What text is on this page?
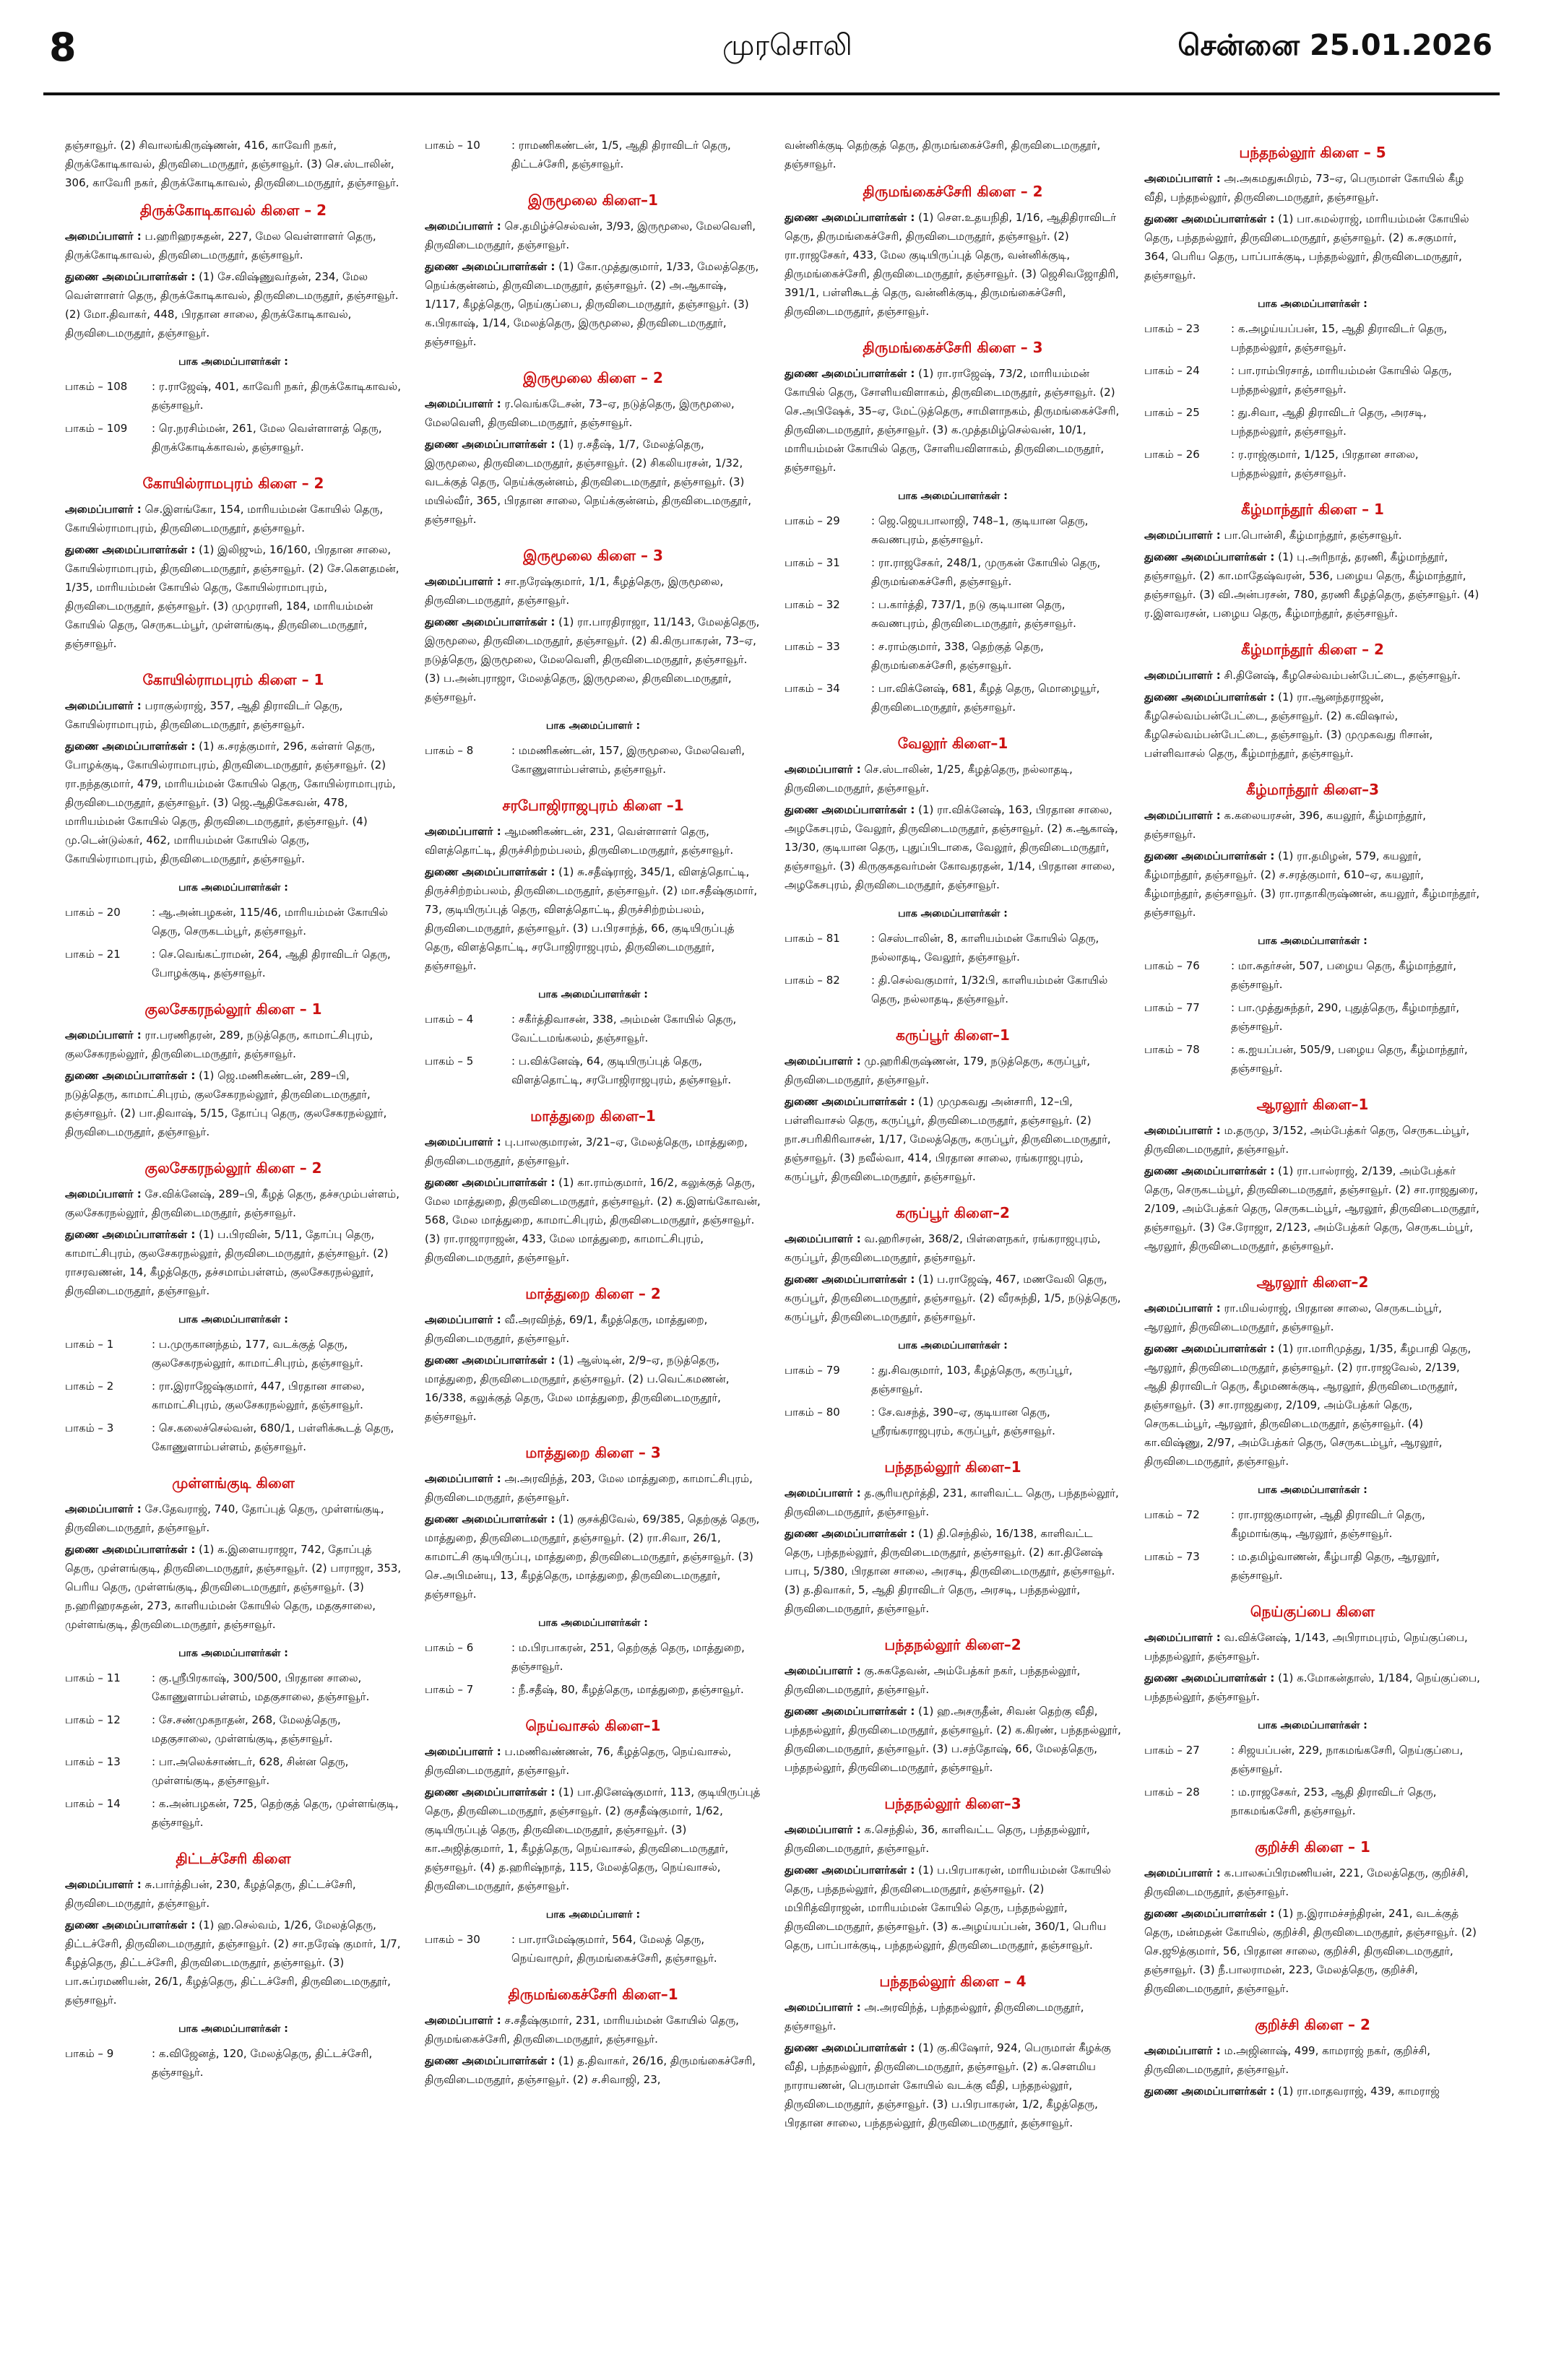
8	முரசொலி	சென்னை 25.01.2026

தஞ்சாவூர். (2) சிவாலங்கிருஷ்ணன், 416, காவேரி நகர், திருக்கோடிகாவல், திருவிடைமருதூர், தஞ்சாவூர். (3) செ.ஸ்டாலின், 306, காவேரி நகர், திருக்கோடிகாவல், திருவிடைமருதூர், தஞ்சாவூர்.

திருக்கோடிகாவல் கிளை – 2

அமைப்பாளர் : ப.ஹரிஹரசுதன், 227, மேல வெள்ளாளர் தெரு, திருக்கோடிகாவல், திருவிடைமருதூர், தஞ்சாவூர்.

துணை அமைப்பாளர்கள் : (1) சே.விஷ்ணுவர்தன், 234, மேல வெள்ளாளர் தெரு, திருக்கோடிகாவல், திருவிடைமருதூர், தஞ்சாவூர். (2) மோ.திவாகர், 448, பிரதான சாலை, திருக்கோடிகாவல், திருவிடைமருதூர், தஞ்சாவூர்.

பாக அமைப்பாளர்கள் :
பாகம் – 108	: ர.ராஜேஷ், 401, காவேரி நகர், திருக்கோடிகாவல், தஞ்சாவூர்.
பாகம் – 109	: ரெ.நரசிம்மன், 261, மேல வெள்ளாளத் தெரு, திருக்கோடிக்காவல், தஞ்சாவூர்.
கோயில்ராமபுரம் கிளை – 2

அமைப்பாளர் : செ.இளங்கோ, 154, மாரியம்மன் கோயில் தெரு, கோயில்ராமாபுரம், திருவிடைமருதூர், தஞ்சாவூர்.

துணை அமைப்பாளர்கள் : (1) இலிஜும், 16/160, பிரதான சாலை, கோயில்ராமாபுரம், திருவிடைமருதூர், தஞ்சாவூர். (2) சே.கௌதமன், 1/35, மாரியம்மன் கோயில் தெரு, கோயில்ராமாபுரம், திருவிடைமருதூர், தஞ்சாவூர். (3) முமுராளி, 184, மாரியம்மன் கோயில் தெரு, செருகடம்பூர், முள்ளங்குடி, திருவிடைமருதூர், தஞ்சாவூர்.

கோயில்ராமபுரம் கிளை – 1

அமைப்பாளர் : பராகுல்ராஜ், 357, ஆதி திராவிடர் தெரு, கோயில்ராமாபுரம், திருவிடைமருதூர், தஞ்சாவூர்.

துணை அமைப்பாளர்கள் : (1) க.சரத்குமார், 296, கள்ளர் தெரு, போழக்குடி, கோயில்ராமாபுரம், திருவிடைமருதூர், தஞ்சாவூர். (2) ரா.நந்தகுமார், 479, மாரியம்மன் கோயில் தெரு, கோயில்ராமாபுரம், திருவிடைமருதூர், தஞ்சாவூர். (3) ஜெ.ஆதிகேசவன், 478, மாரியம்மன் கோயில் தெரு, திருவிடைமருதூர், தஞ்சாவூர். (4) மு.டென்டுல்கர், 462, மாரியம்மன் கோயில் தெரு, கோயில்ராமாபுரம், திருவிடைமருதூர், தஞ்சாவூர்.

பாக அமைப்பாளர்கள் :
பாகம் – 20	: ஆ.அன்பழகன், 115/46, மாரியம்மன் கோயில் தெரு, செருகடம்பூர், தஞ்சாவூர்.
பாகம் – 21	: செ.வெங்கட்ராமன், 264, ஆதி திராவிடர் தெரு, போழக்குடி, தஞ்சாவூர்.
குலசேகரநல்லூர் கிளை – 1

அமைப்பாளர் : ரா.பரணிதரன், 289, நடுத்தெரு, காமாட்சிபுரம், குலசேகரநல்லூர், திருவிடைமருதூர், தஞ்சாவூர்.

துணை அமைப்பாளர்கள் : (1) ஜெ.மணிகண்டன், 289–பி, நடுத்தெரு, காமாட்சிபுரம், குலசேகரநல்லூர், திருவிடைமருதூர், தஞ்சாவூர். (2) பா.திவாஷ், 5/15, தோப்பு தெரு, குலசேகரநல்லூர், திருவிடைமருதூர், தஞ்சாவூர்.

குலசேகரநல்லூர் கிளை – 2

அமைப்பாளர் : சே.விக்னேஷ், 289–பி, கீழத் தெரு, தச்சமும்பள்ளம், குலசேகரநல்லூர், திருவிடைமருதூர், தஞ்சாவூர்.

துணை அமைப்பாளர்கள் : (1) ப.பிரவின், 5/11, தோப்பு தெரு, காமாட்சிபுரம், குலசேகரநல்லூர், திருவிடைமருதூர், தஞ்சாவூர். (2) ராசரவணன், 14, கீழத்தெரு, தச்சமாம்பள்ளம், குலசேகரநல்லூர், திருவிடைமருதூர், தஞ்சாவூர்.

பாக அமைப்பாளர்கள் :
பாகம் – 1	: ப.முருகானந்தம், 177, வடக்குத் தெரு, குலசேகரநல்லூர், காமாட்சிபுரம், தஞ்சாவூர்.
பாகம் – 2	: ரா.இராஜேஷ்குமார், 447, பிரதான சாலை, காமாட்சிபுரம், குலசேகரநல்லூர், தஞ்சாவூர்.
பாகம் – 3	: செ.கலைச்செல்வன், 680/1, பள்ளிக்கூடத் தெரு, கோணுளாம்பள்ளம், தஞ்சாவூர்.
முள்ளங்குடி கிளை

அமைப்பாளர் : சே.தேவராஜ், 740, தோப்புத் தெரு, முள்ளங்குடி, திருவிடைமருதூர், தஞ்சாவூர்.

துணை அமைப்பாளர்கள் : (1) க.இளையராஜா, 742, தோப்புத் தெரு, முள்ளங்குடி, திருவிடைமருதூர், தஞ்சாவூர். (2) பாராஜா, 353, பெரிய தெரு, முள்ளங்குடி, திருவிடைமருதூர், தஞ்சாவூர். (3) ந.ஹரிஹரசுதன், 273, காளியம்மன் கோயில் தெரு, மதகுசாலை, முள்ளங்குடி, திருவிடைமருதூர், தஞ்சாவூர்.

பாக அமைப்பாளர்கள் :
பாகம் – 11	: கு.ஸ்ரீபிரகாஷ், 300/500, பிரதான சாலை, கோணுளாம்பள்ளம், மதகுசாலை, தஞ்சாவூர்.
பாகம் – 12	: சே.சண்முகநாதன், 268, மேலத்தெரு, மதகுசாலை, முள்ளங்குடி, தஞ்சாவூர்.
பாகம் – 13	: பா.அலெக்சாண்டர், 628, சின்ன தெரு, முள்ளங்குடி, தஞ்சாவூர்.
பாகம் – 14	: க.அன்பழகன், 725, தெற்குத் தெரு, முள்ளங்குடி, தஞ்சாவூர்.
திட்டச்சேரி கிளை

அமைப்பாளர் : சு.பார்த்திபன், 230, கீழத்தெரு, திட்டச்சேரி, திருவிடைமருதூர், தஞ்சாவூர்.

துணை அமைப்பாளர்கள் : (1) ஹ.செல்வம், 1/26, மேலத்தெரு, திட்டச்சேரி, திருவிடைமருதூர், தஞ்சாவூர். (2) சா.நரேஷ் குமார், 1/7, கீழத்தெரு, திட்டச்சேரி, திருவிடைமருதூர், தஞ்சாவூர். (3) பா.சுப்ரமணியன், 26/1, கீழத்தெரு, திட்டச்சேரி, திருவிடைமருதூர், தஞ்சாவூர்.

பாக அமைப்பாளர்கள் :
பாகம் – 9	: க.விஜேனத், 120, மேலத்தெரு, திட்டச்சேரி, தஞ்சாவூர்.
பாகம் – 10	: ராமணிகண்டன், 1/5, ஆதி திராவிடர் தெரு, திட்டச்சேரி, தஞ்சாவூர்.
இருமூலை கிளை–1

அமைப்பாளர் : செ.தமிழ்ச்செல்வன், 3/93, இருமூலை, மேலவெளி, திருவிடைமருதூர், தஞ்சாவூர்.

துணை அமைப்பாளர்கள் : (1) கோ.முத்துகுமார், 1/33, மேலத்தெரு, நெய்க்குன்னம், திருவிடைமருதூர், தஞ்சாவூர். (2) அ.ஆகாஷ், 1/117, கீழத்தெரு, நெய்குப்பை, திருவிடைமருதூர், தஞ்சாவூர். (3) க.பிரகாஷ், 1/14, மேலத்தெரு, இருமூலை, திருவிடைமருதூர், தஞ்சாவூர்.

இருமூலை கிளை – 2

அமைப்பாளர் : ர.வெங்கடேசன், 73–ஏ, நடுத்தெரு, இருமூலை, மேலவெளி, திருவிடைமருதூர், தஞ்சாவூர்.

துணை அமைப்பாளர்கள் : (1) ர.சதீஷ், 1/7, மேலத்தெரு, இருமூலை, திருவிடைமருதூர், தஞ்சாவூர். (2) சிகலியரசன், 1/32, வடக்குத் தெரு, நெய்க்குன்னம், திருவிடைமருதூர், தஞ்சாவூர். (3) மயில்வீர், 365, பிரதான சாலை, நெய்க்குன்னம், திருவிடைமருதூர், தஞ்சாவூர்.

இருமூலை கிளை – 3

அமைப்பாளர் : சா.நரேஷ்குமார், 1/1, கீழத்தெரு, இருமூலை, திருவிடைமருதூர், தஞ்சாவூர்.

துணை அமைப்பாளர்கள் : (1) ரா.பாரதிராஜா, 11/143, மேலத்தெரு, இருமூலை, திருவிடைமருதூர், தஞ்சாவூர். (2) கி.கிருபாகரன், 73–ஏ, நடுத்தெரு, இருமூலை, மேலவெளி, திருவிடைமருதூர், தஞ்சாவூர். (3) ப.அன்புராஜா, மேலத்தெரு, இருமூலை, திருவிடைமருதூர், தஞ்சாவூர்.

பாக அமைப்பாளர் :
பாகம் – 8	: மமணிகண்டன், 157, இருமூலை, மேலவெளி, கோணுளாம்பள்ளம், தஞ்சாவூர்.
சரபோஜிராஜபுரம் கிளை –1

அமைப்பாளர் : ஆமணிகண்டன், 231, வெள்ளாளர் தெரு, விளத்தொட்டி, திருச்சிற்றம்பலம், திருவிடைமருதூர், தஞ்சாவூர்.

துணை அமைப்பாளர்கள் : (1) சு.சதீஷ்ராஜ், 345/1, விளத்தொட்டி, திருச்சிற்றம்பலம், திருவிடைமருதூர், தஞ்சாவூர். (2) மா.சதீஷ்குமார், 73, குடியிருப்புத் தெரு, விளத்தொட்டி, திருச்சிற்றம்பலம், திருவிடைமருதூர், தஞ்சாவூர். (3) ப.பிரசாந்த், 66, குடியிருப்புத் தெரு, விளத்தொட்டி, சரபோஜிராஜபுரம், திருவிடைமருதூர், தஞ்சாவூர்.

பாக அமைப்பாளர்கள் :
பாகம் – 4	: சகீர்த்திவாசன், 338, அம்மன் கோயில் தெரு, வேட்டமங்கலம், தஞ்சாவூர்.
பாகம் – 5	: ப.விக்னேஷ், 64, குடியிருப்புத் தெரு, விளத்தொட்டி, சரபோஜிராஜபுரம், தஞ்சாவூர்.
மாத்துறை கிளை–1

அமைப்பாளர் : பு.பாலகுமாரன், 3/21–ஏ, மேலத்தெரு, மாத்துறை, திருவிடைமருதூர், தஞ்சாவூர்.

துணை அமைப்பாளர்கள் : (1) கா.ராம்குமார், 16/2, கலுக்குத் தெரு, மேல மாத்துறை, திருவிடைமருதூர், தஞ்சாவூர். (2) க.இளங்கோவன், 568, மேல மாத்துறை, காமாட்சிபுரம், திருவிடைமருதூர், தஞ்சாவூர். (3) ரா.ராஜாராஜன், 433, மேல மாத்துறை, காமாட்சிபுரம், திருவிடைமருதூர், தஞ்சாவூர்.

மாத்துறை கிளை – 2

அமைப்பாளர் : வீ.அரவிந்த், 69/1, கீழத்தெரு, மாத்துறை, திருவிடைமருதூர், தஞ்சாவூர்.

துணை அமைப்பாளர்கள் : (1) ஆஸ்டின், 2/9–ஏ, நடுத்தெரு, மாத்துறை, திருவிடைமருதூர், தஞ்சாவூர். (2) ப.வெட்கமணன், 16/338, கலுக்குத் தெரு, மேல மாத்துறை, திருவிடைமருதூர், தஞ்சாவூர்.

மாத்துறை கிளை – 3

அமைப்பாளர் : அ.அரவிந்த், 203, மேல மாத்துறை, காமாட்சிபுரம், திருவிடைமருதூர், தஞ்சாவூர்.

துணை அமைப்பாளர்கள் : (1) குசக்திவேல், 69/385, தெற்குத் தெரு, மாத்துறை, திருவிடைமருதூர், தஞ்சாவூர். (2) ரா.சிவா, 26/1, காமாட்சி குடியிருப்பு, மாத்துறை, திருவிடைமருதூர், தஞ்சாவூர். (3) செ.அபிமன்யு, 13, கீழத்தெரு, மாத்துறை, திருவிடைமருதூர், தஞ்சாவூர்.

பாக அமைப்பாளர்கள் :
பாகம் – 6	: ம.பிரபாகரன், 251, தெற்குத் தெரு, மாத்துறை, தஞ்சாவூர்.
பாகம் – 7	: நீ.சதீஷ், 80, கீழத்தெரு, மாத்துறை, தஞ்சாவூர்.
நெய்வாசல் கிளை–1

அமைப்பாளர் : ப.மணிவண்ணன், 76, கீழத்தெரு, நெய்வாசல், திருவிடைமருதூர், தஞ்சாவூர்.

துணை அமைப்பாளர்கள் : (1) பா.தினேஷ்குமார், 113, குடியிருப்புத் தெரு, திருவிடைமருதூர், தஞ்சாவூர். (2) குசதீஷ்குமார், 1/62, குடியிருப்புத் தெரு, திருவிடைமருதூர், தஞ்சாவூர். (3) கா.அஜித்குமார், 1, கீழத்தெரு, நெய்வாசல், திருவிடைமருதூர், தஞ்சாவூர். (4) த.ஹரிஷ்நாத், 115, மேலத்தெரு, நெய்வாசல், திருவிடைமருதூர், தஞ்சாவூர்.

பாக அமைப்பாளர் :
பாகம் – 30	: பா.ராமேஷ்குமார், 564, மேலத் தெரு, நெய்வாமூர், திருமங்கைச்சேரி, தஞ்சாவூர்.
திருமங்கைச்சேரி கிளை–1

அமைப்பாளர் : ச.சதீஷ்குமார், 231, மாரியம்மன் கோயில் தெரு, திருமங்கைச்சேரி, திருவிடைமருதூர், தஞ்சாவூர்.

துணை அமைப்பாளர்கள் : (1) த.திவாகர், 26/16, திருமங்கைச்சேரி, திருவிடைமருதூர், தஞ்சாவூர். (2) ச.சிவாஜி, 23,

வன்னிக்குடி தெற்குத் தெரு, திருமங்கைச்சேரி, திருவிடைமருதூர், தஞ்சாவூர்.

திருமங்கைச்சேரி கிளை – 2

துணை அமைப்பாளர்கள் : (1) சௌ.உதயநிதி, 1/16, ஆதிதிராவிடர் தெரு, திருமங்கைச்சேரி, திருவிடைமருதூர், தஞ்சாவூர். (2) ரா.ராஜசேகர், 433, மேல குடியிருப்புத் தெரு, வன்னிக்குடி, திருமங்கைச்சேரி, திருவிடைமருதூர், தஞ்சாவூர். (3) ஜெசிவஜோதிரி, 391/1, பள்ளிகூடத் தெரு, வன்னிக்குடி, திருமங்கைச்சேரி, திருவிடைமருதூர், தஞ்சாவூர்.

திருமங்கைச்சேரி கிளை – 3

துணை அமைப்பாளர்கள் : (1) ரா.ராஜேஷ், 73/2, மாரியம்மன் கோயில் தெரு, சோளியவிளாகம், திருவிடைமருதூர், தஞ்சாவூர். (2) செ.அபிஷேக், 35–ஏ, மேட்டுத்தெரு, சாமிளாநகம், திருமங்கைச்சேரி, திருவிடைமருதூர், தஞ்சாவூர். (3) க.முத்தமிழ்செல்வன், 10/1, மாரியம்மன் கோயில் தெரு, சோளியவிளாகம், திருவிடைமருதூர், தஞ்சாவூர்.

பாக அமைப்பாளர்கள் :
பாகம் – 29	: ஜெ.ஜெயபாலாஜி, 748–1, குடியான தெரு, சுவணபுரம், தஞ்சாவூர்.
பாகம் – 31	: ரா.ராஜசேகர், 248/1, முருகன் கோயில் தெரு, திருமங்கைச்சேரி, தஞ்சாவூர்.
பாகம் – 32	: ப.கார்த்தி, 737/1, நடு குடியான தெரு, சுவணபுரம், திருவிடைமருதூர், தஞ்சாவூர்.
பாகம் – 33	: ச.ராம்குமார், 338, தெற்குத் தெரு, திருமங்கைச்சேரி, தஞ்சாவூர்.
பாகம் – 34	: பா.விக்னேஷ், 681, கீழத் தெரு, மொழையூர், திருவிடைமருதூர், தஞ்சாவூர்.
வேலூர் கிளை–1

அமைப்பாளர் : செ.ஸ்டாலின், 1/25, கீழத்தெரு, நல்லாதடி, திருவிடைமருதூர், தஞ்சாவூர்.

துணை அமைப்பாளர்கள் : (1) ரா.விக்னேஷ், 163, பிரதான சாலை, அழகேசபுரம், வேலூர், திருவிடைமருதூர், தஞ்சாவூர். (2) க.ஆகாஷ், 13/30, குடியான தெரு, புதுப்பிடாகை, வேலூர், திருவிடைமருதூர், தஞ்சாவூர். (3) கிருகுகதவர்மன் கோவதரதன், 1/14, பிரதான சாலை, அழகேசபுரம், திருவிடைமருதூர், தஞ்சாவூர்.

பாக அமைப்பாளர்கள் :
பாகம் – 81	: செஸ்டாலின், 8, காளியம்மன் கோயில் தெரு, நல்லாதடி, வேலூர், தஞ்சாவூர்.
பாகம் – 82	: தி.செல்வகுமார், 1/32பி, காளியம்மன் கோயில் தெரு, நல்லாதடி, தஞ்சாவூர்.
கருப்பூர் கிளை–1

அமைப்பாளர் : மு.ஹரிகிருஷ்ணன், 179, நடுத்தெரு, கருப்பூர், திருவிடைமருதூர், தஞ்சாவூர்.

துணை அமைப்பாளர்கள் : (1) முமுகவது அன்சாரி, 12–பி, பள்ளிவாசல் தெரு, கருப்பூர், திருவிடைமருதூர், தஞ்சாவூர். (2) நா.சபரிகிரிவாசன், 1/17, மேலத்தெரு, கருப்பூர், திருவிடைமருதூர், தஞ்சாவூர். (3) நவீல்வா, 414, பிரதான சாலை, ரங்கராஜபுரம், கருப்பூர், திருவிடைமருதூர், தஞ்சாவூர்.

கருப்பூர் கிளை–2

அமைப்பாளர் : வ.ஹரிசரன், 368/2, பிள்ளைநகர், ரங்கராஜபுரம், கருப்பூர், திருவிடைமருதூர், தஞ்சாவூர்.

துணை அமைப்பாளர்கள் : (1) ப.ராஜேஷ், 467, மணவேலி தெரு, கருப்பூர், திருவிடைமருதூர், தஞ்சாவூர். (2) வீரசுந்தி, 1/5, நடுத்தெரு, கருப்பூர், திருவிடைமருதூர், தஞ்சாவூர்.

பாக அமைப்பாளர்கள் :
பாகம் – 79	: து.சிவகுமார், 103, கீழத்தெரு, கருப்பூர், தஞ்சாவூர்.
பாகம் – 80	: சே.வசந்த், 390–ஏ, குடியான தெரு, ஸ்ரீரங்கராஜபுரம், கருப்பூர், தஞ்சாவூர்.
பந்தநல்லூர் கிளை–1

அமைப்பாளர் : த.சூரியமூர்த்தி, 231, காளிவட்ட தெரு, பந்தநல்லூர், திருவிடைமருதூர், தஞ்சாவூர்.

துணை அமைப்பாளர்கள் : (1) தி.செந்தில், 16/138, காளிவட்ட தெரு, பந்தநல்லூர், திருவிடைமருதூர், தஞ்சாவூர். (2) கா.தினேஷ் பாபு, 5/380, பிரதான சாலை, அரசடி, திருவிடைமருதூர், தஞ்சாவூர். (3) த.திவாகர், 5, ஆதி திராவிடர் தெரு, அரசடி, பந்தநல்லூர், திருவிடைமருதூர், தஞ்சாவூர்.

பந்தநல்லூர் கிளை–2

அமைப்பாளர் : கு.சுகதேவன், அம்பேத்கர் நகர், பந்தநல்லூர், திருவிடைமருதூர், தஞ்சாவூர்.

துணை அமைப்பாளர்கள் : (1) ஹ.அசருதீன், சிவன் தெற்கு வீதி, பந்தநல்லூர், திருவிடைமருதூர், தஞ்சாவூர். (2) க.கிரண், பந்தநல்லூர், திருவிடைமருதூர், தஞ்சாவூர். (3) ப.சந்தோஷ், 66, மேலத்தெரு, பந்தநல்லூர், திருவிடைமருதூர், தஞ்சாவூர்.

பந்தநல்லூர் கிளை–3

அமைப்பாளர் : க.செந்தில், 36, காளிவட்ட தெரு, பந்தநல்லூர், திருவிடைமருதூர், தஞ்சாவூர்.

துணை அமைப்பாளர்கள் : (1) ப.பிரபாகரன், மாரியம்மன் கோயில் தெரு, பந்தநல்லூர், திருவிடைமருதூர், தஞ்சாவூர். (2) மபிரித்விராஜன், மாரியம்மன் கோயில் தெரு, பந்தநல்லூர், திருவிடைமருதூர், தஞ்சாவூர். (3) க.அழய்யப்பன், 360/1, பெரிய தெரு, பாப்பாக்குடி, பந்தநல்லூர், திருவிடைமருதூர், தஞ்சாவூர்.

பந்தநல்லூர் கிளை – 4

அமைப்பாளர் : அ.அரவிந்த், பந்தநல்லூர், திருவிடைமருதூர், தஞ்சாவூர்.

துணை அமைப்பாளர்கள் : (1) கு.கிஷோர், 924, பெருமாள் கீழக்கு வீதி, பந்தநல்லூர், திருவிடைமருதூர், தஞ்சாவூர். (2) க.சௌமிய நாராயணன், பெருமாள் கோயில் வடக்கு வீதி, பந்தநல்லூர், திருவிடைமருதூர், தஞ்சாவூர். (3) ப.பிரபாகரன், 1/2, கீழத்தெரு, பிரதான சாலை, பந்தநல்லூர், திருவிடைமருதூர், தஞ்சாவூர்.

பந்தநல்லூர் கிளை – 5

அமைப்பாளர் : அ.அகமதுசுமிரம், 73–ஏ, பெருமாள் கோயில் கீழ வீதி, பந்தநல்லூர், திருவிடைமருதூர், தஞ்சாவூர்.

துணை அமைப்பாளர்கள் : (1) பா.கமல்ராஜ், மாரியம்மன் கோயில் தெரு, பந்தநல்லூர், திருவிடைமருதூர், தஞ்சாவூர். (2) க.சகுமார், 364, பெரிய தெரு, பாப்பாக்குடி, பந்தநல்லூர், திருவிடைமருதூர், தஞ்சாவூர்.

பாக அமைப்பாளர்கள் :
பாகம் – 23	: க.அழய்யப்பன், 15, ஆதி திராவிடர் தெரு, பந்தநல்லூர், தஞ்சாவூர்.
பாகம் – 24	: பா.ராம்பிரசாத், மாரியம்மன் கோயில் தெரு, பந்தநல்லூர், தஞ்சாவூர்.
பாகம் – 25	: து.சிவா, ஆதி திராவிடர் தெரு, அரசடி, பந்தநல்லூர், தஞ்சாவூர்.
பாகம் – 26	: ர.ராஜ்குமார், 1/125, பிரதான சாலை, பந்தநல்லூர், தஞ்சாவூர்.
கீழ்மாந்தூர் கிளை – 1

அமைப்பாளர் : பா.பொன்சி, கீழ்மாந்தூர், தஞ்சாவூர்.

துணை அமைப்பாளர்கள் : (1) பு.அரிநாத், தரணி, கீழ்மாந்தூர், தஞ்சாவூர். (2) கா.மாதேஷ்வரன், 536, பழைய தெரு, கீழ்மாந்தூர், தஞ்சாவூர். (3) வி.அன்பரசன், 780, தரணி கீழத்தெரு, தஞ்சாவூர். (4) ர.இளவரசன், பழைய தெரு, கீழ்மாந்தூர், தஞ்சாவூர்.

கீழ்மாந்தூர் கிளை – 2

அமைப்பாளர் : சி.தினேஷ், கீழசெல்வம்பன்பேட்டை, தஞ்சாவூர்.

துணை அமைப்பாளர்கள் : (1) ரா.ஆனந்தராஜன், கீழசெல்வம்பன்பேட்டை, தஞ்சாவூர். (2) க.விஷால், கீழசெல்வம்பன்பேட்டை, தஞ்சாவூர். (3) முமுகவது ரிசான், பள்ளிவாசல் தெரு, கீழ்மாந்தூர், தஞ்சாவூர்.

கீழ்மாந்தூர் கிளை–3

அமைப்பாளர் : க.கலையரசன், 396, கயலூர், கீழ்மாந்தூர், தஞ்சாவூர்.

துணை அமைப்பாளர்கள் : (1) ரா.தமிழன், 579, கயலூர், கீழ்மாந்தூர், தஞ்சாவூர். (2) ச.சரத்குமார், 610–ஏ, கயலூர், கீழ்மாந்தூர், தஞ்சாவூர். (3) ரா.ராதாகிருஷ்ணன், கயலூர், கீழ்மாந்தூர், தஞ்சாவூர்.

பாக அமைப்பாளர்கள் :
பாகம் – 76	: மா.சுதர்சன், 507, பழைய தெரு, கீழ்மாந்தூர், தஞ்சாவூர்.
பாகம் – 77	: பா.முத்துசுந்தர், 290, புதுத்தெரு, கீழ்மாந்தூர், தஞ்சாவூர்.
பாகம் – 78	: க.ஐயப்பன், 505/9, பழைய தெரு, கீழ்மாந்தூர், தஞ்சாவூர்.
ஆரலூர் கிளை–1

அமைப்பாளர் : ம.தருமு, 3/152, அம்பேத்கர் தெரு, செருகடம்பூர், திருவிடைமருதூர், தஞ்சாவூர்.

துணை அமைப்பாளர்கள் : (1) ரா.பால்ராஜ், 2/139, அம்பேத்கர் தெரு, செருகடம்பூர், திருவிடைமருதூர், தஞ்சாவூர். (2) சா.ராஜதுரை, 2/109, அம்பேத்கர் தெரு, செருகடம்பூர், ஆரலூர், திருவிடைமருதூர், தஞ்சாவூர். (3) சே.ரோஜா, 2/123, அம்பேத்கர் தெரு, செருகடம்பூர், ஆரலூர், திருவிடைமருதூர், தஞ்சாவூர்.

ஆரலூர் கிளை–2

அமைப்பாளர் : ரா.மியல்ராஜ், பிரதான சாலை, செருகடம்பூர், ஆரலூர், திருவிடைமருதூர், தஞ்சாவூர்.

துணை அமைப்பாளர்கள் : (1) ரா.மாரிமுத்து, 1/35, கீழபாதி தெரு, ஆரலூர், திருவிடைமருதூர், தஞ்சாவூர். (2) ரா.ராஜவேல், 2/139, ஆதி திராவிடர் தெரு, கீழமணக்குடி, ஆரலூர், திருவிடைமருதூர், தஞ்சாவூர். (3) சா.ராஜதுரை, 2/109, அம்பேத்கர் தெரு, செருகடம்பூர், ஆரலூர், திருவிடைமருதூர், தஞ்சாவூர். (4) கா.விஷ்ணு, 2/97, அம்பேத்கர் தெரு, செருகடம்பூர், ஆரலூர், திருவிடைமருதூர், தஞ்சாவூர்.

பாக அமைப்பாளர்கள் :
பாகம் – 72	: ரா.ராஜகுமாரன், ஆதி திராவிடர் தெரு, கீழமாங்குடி, ஆரலூர், தஞ்சாவூர்.
பாகம் – 73	: ம.தமிழ்வாணன், கீழ்பாதி தெரு, ஆரலூர், தஞ்சாவூர்.
நெய்குப்பை கிளை

அமைப்பாளர் : வ.விக்னேஷ், 1/143, அபிராமபுரம், நெய்குப்பை, பந்தநல்லூர், தஞ்சாவூர்.

துணை அமைப்பாளர்கள் : (1) க.மோகன்தாஸ், 1/184, நெய்குப்பை, பந்தநல்லூர், தஞ்சாவூர்.

பாக அமைப்பாளர்கள் :
பாகம் – 27	: சிஜயப்பன், 229, நாகமங்கசேரி, நெய்குப்பை, தஞ்சாவூர்.
பாகம் – 28	: ம.ராஜசேகர், 253, ஆதி திராவிடர் தெரு, நாகமங்கசேரி, தஞ்சாவூர்.
குறிச்சி கிளை – 1

அமைப்பாளர் : க.பாலசுப்பிரமணியன், 221, மேலத்தெரு, குறிச்சி, திருவிடைமருதூர், தஞ்சாவூர்.

துணை அமைப்பாளர்கள் : (1) ந.இராமச்சந்திரன், 241, வடக்குத் தெரு, மன்மதன் கோயில், குறிச்சி, திருவிடைமருதூர், தஞ்சாவூர். (2) செ.ஜூத்குமார், 56, பிரதான சாலை, குறிச்சி, திருவிடைமருதூர், தஞ்சாவூர். (3) நீ.பாலராமன், 223, மேலத்தெரு, குறிச்சி, திருவிடைமருதூர், தஞ்சாவூர்.

குறிச்சி கிளை – 2

அமைப்பாளர் : ம.அஜினாஷ், 499, காமராஜ் நகர், குறிச்சி, திருவிடைமருதூர், தஞ்சாவூர்.

துணை அமைப்பாளர்கள் : (1) ரா.மாதவராஜ், 439, காமராஜ்
